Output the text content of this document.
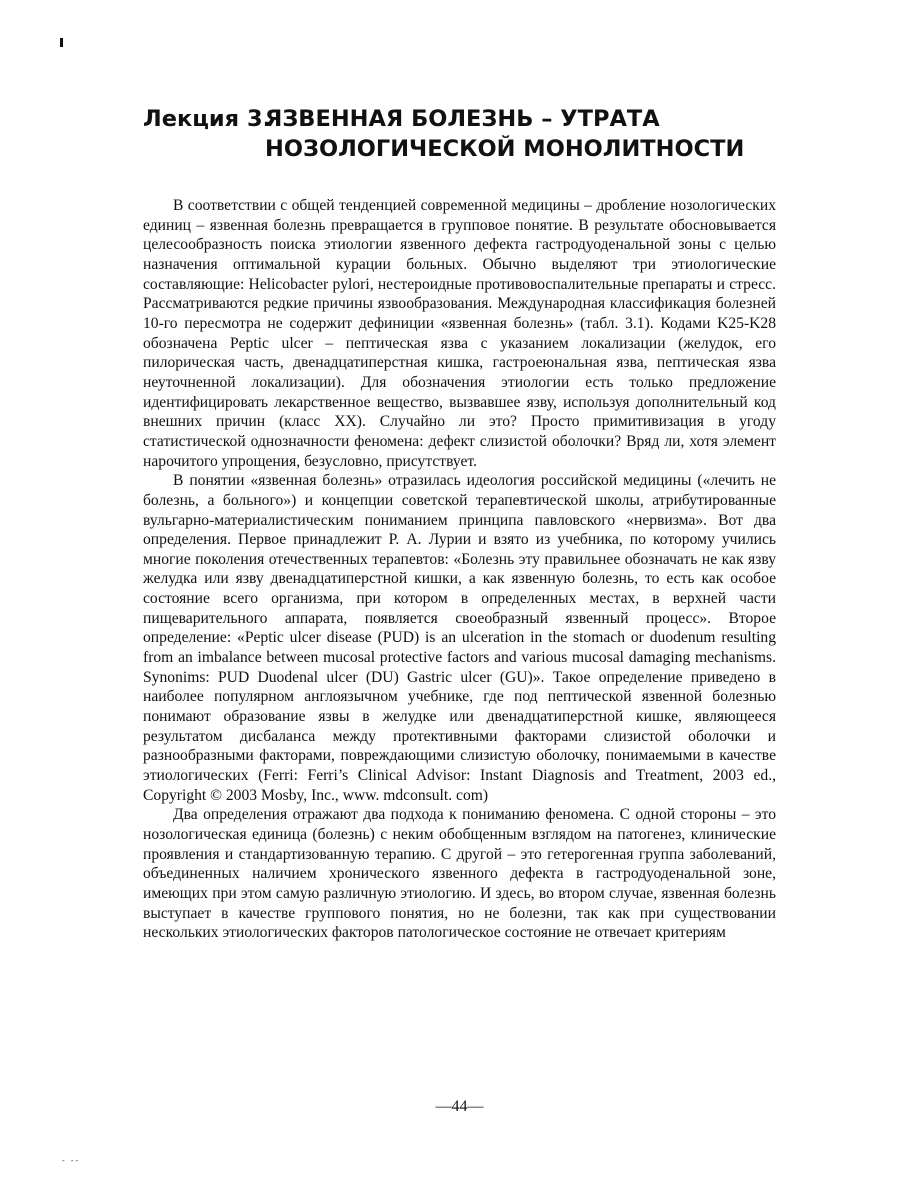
Лекция 3.
ЯЗВЕННАЯ БОЛЕЗНЬ – УТРАТА
НОЗОЛОГИЧЕСКОЙ МОНОЛИТНОСТИ

В соответствии с общей тенденцией современной медицины – дробление нозологических единиц – язвенная болезнь превращается в групповое понятие. В результате обосновывается целесообразность поиска этиологии язвенного дефекта гастродуоденальной зоны с целью назначения оптимальной курации больных. Обычно выделяют три этиологические составляющие: Helicobacter pylori, нестероидные противовоспалительные препараты и стресс. Рассматриваются редкие причины язвообразования. Международная классификация болезней 10-го пересмотра не содержит дефиниции «язвенная болезнь» (табл. 3.1). Кодами K25-K28 обозначена Peptic ulcer – пептическая язва с указанием локализации (желудок, его пилорическая часть, двенадцатиперстная кишка, гастроеюнальная язва, пептическая язва неуточненной локализации). Для обозначения этиологии есть только предложение идентифицировать лекарственное вещество, вызвавшее язву, используя дополнительный код внешних причин (класс XX). Случайно ли это? Просто примитивизация в угоду статистической однозначности феномена: дефект слизистой оболочки? Вряд ли, хотя элемент нарочитого упрощения, безусловно, присутствует.

В понятии «язвенная болезнь» отразилась идеология российской медицины («лечить не болезнь, а больного») и концепции советской терапевтической школы, атрибутированные вульгарно-материалистическим пониманием принципа павловского «нервизма». Вот два определения. Первое принадлежит Р. А. Лурии и взято из учебника, по которому учились многие поколения отечественных терапевтов: «Болезнь эту правильнее обозначать не как язву желудка или язву двенадцатиперстной кишки, а как язвенную болезнь, то есть как особое состояние всего организма, при котором в определенных местах, в верхней части пищеварительного аппарата, появляется своеобразный язвенный процесс». Второе определение: «Peptic ulcer disease (PUD) is an ulceration in the stomach or duodenum resulting from an imbalance between mucosal protective factors and various mucosal damaging mechanisms. Synonims: PUD Duodenal ulcer (DU) Gastric ulcer (GU)». Такое определение приведено в наиболее популярном англоязычном учебнике, где под пептической язвенной болезнью понимают образование язвы в желудке или двенадцатиперстной кишке, являющееся результатом дисбаланса между протективными факторами слизистой оболочки и разнообразными факторами, повреждающими слизистую оболочку, понимаемыми в качестве этиологических (Ferri: Ferri’s Clinical Advisor: Instant Diagnosis and Treatment, 2003 ed., Copyright © 2003 Mosby, Inc., www. mdconsult. com)

Два определения отражают два подхода к пониманию феномена. С одной стороны – это нозологическая единица (болезнь) с неким обобщенным взглядом на патогенез, клинические проявления и стандартизованную терапию. С другой – это гетерогенная группа заболеваний, объединенных наличием хронического язвенного дефекта в гастродуоденальной зоне, имеющих при этом самую различную этиологию. И здесь, во втором случае, язвенная болезнь выступает в качестве группового понятия, но не болезни, так как при существовании нескольких этиологических факторов патологическое состояние не отвечает критериям

—44—
- --
